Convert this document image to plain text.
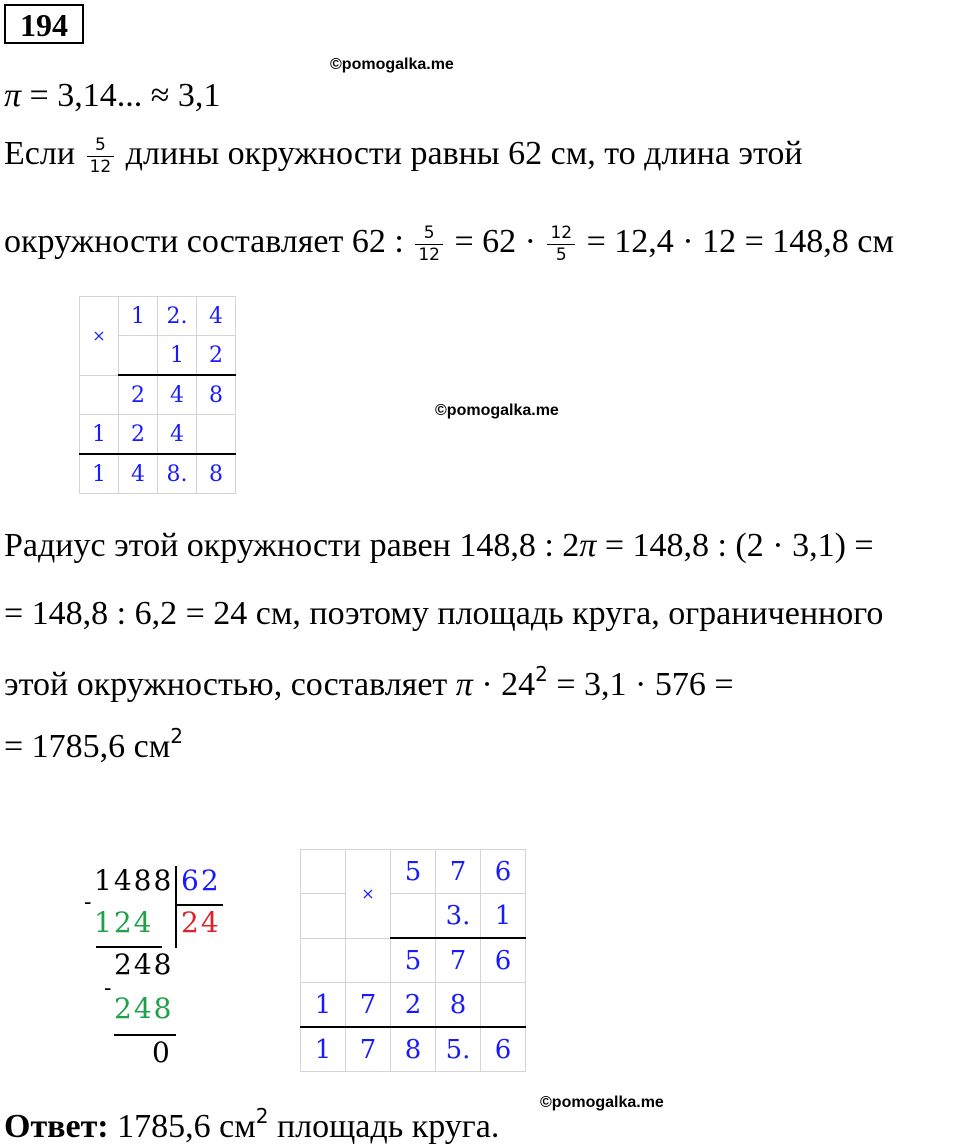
194
©pomogalka.me
π = 3,14... ≈ 3,1
Если $\frac{5}{12}$ длины окружности равны 62 см, то длина этой
окружности составляет 62 : $\frac{5}{12} = 62 \cdot \frac{12}{5} = 12,4 \cdot 12 = 148,8$ см
×	1	2.	4
		1	2
	2	4	8
1	2	4	
1	4	8.	8
©pomogalka.me
Радиус этой окружности равен 148,8 : 2π = 148,8 : (2 · 3,1) =
= 148,8 : 6,2 = 24 см, поэтому площадь круга, ограниченного
этой окружностью, составляет $\pi \cdot 24^2 = 3,1 \cdot 576$ =
= 1785,6 $см^2$
1488 62
-
124 24
248
-
248
0
	×	5	7	6
			3.	1
		5	7	6
1	7	2	8	
1	7	8	5.	6
Ответ: 1785,6 $см^2$ площадь круга.
©pomogalka.me
